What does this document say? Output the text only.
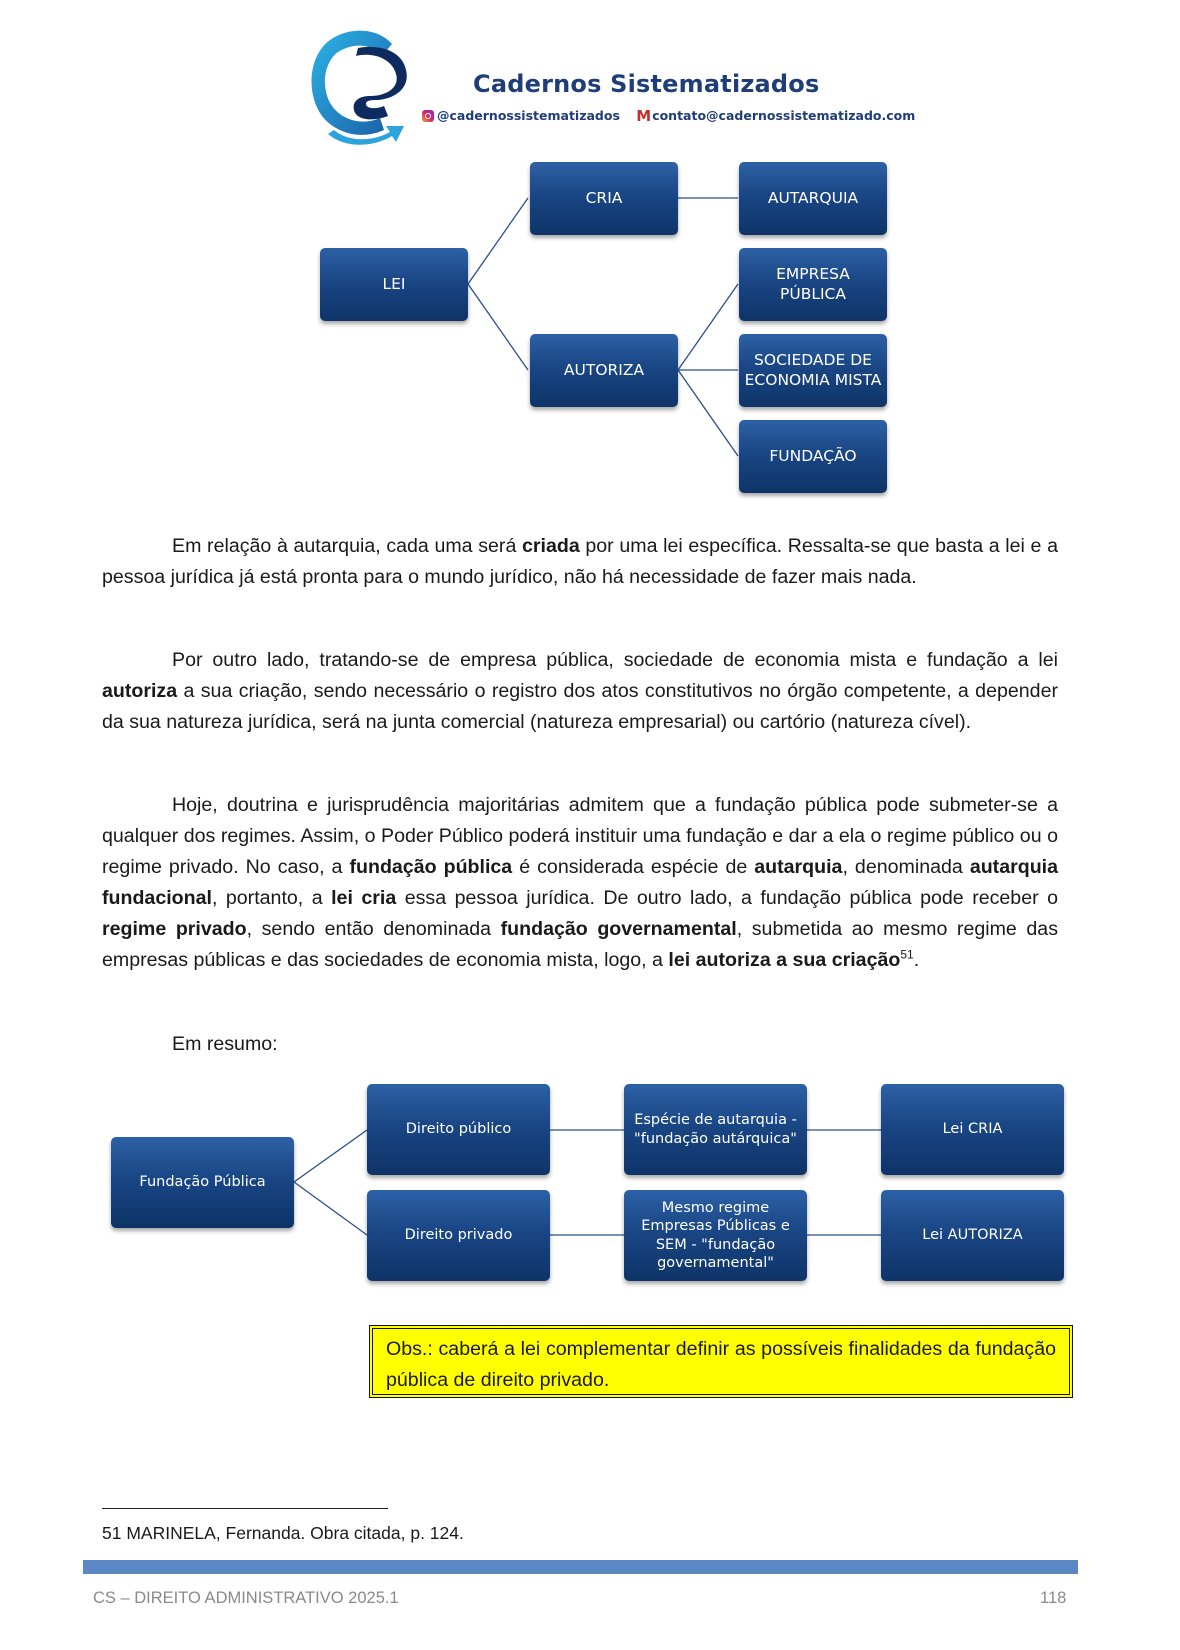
Cadernos Sistematizados
@cadernossistematizados Mcontato@cadernossistematizado.com
LEI
CRIA	AUTARQUIA
AUTORIZA
EMPRESA PÚBLICA
SOCIEDADE DE ECONOMIA MISTA
FUNDAÇÃO

Em relação à autarquia, cada uma será criada por uma lei específica. Ressalta-se que basta a lei e a pessoa jurídica já está pronta para o mundo jurídico, não há necessidade de fazer mais nada.

Por outro lado, tratando-se de empresa pública, sociedade de economia mista e fundação a lei autoriza a sua criação, sendo necessário o registro dos atos constitutivos no órgão competente, a depender da sua natureza jurídica, será na junta comercial (natureza empresarial) ou cartório (natureza cível).

Hoje, doutrina e jurisprudência majoritárias admitem que a fundação pública pode submeter-se a qualquer dos regimes. Assim, o Poder Público poderá instituir uma fundação e dar a ela o regime público ou o regime privado. No caso, a fundação pública é considerada espécie de autarquia, denominada autarquia fundacional, portanto, a lei cria essa pessoa jurídica. De outro lado, a fundação pública pode receber o regime privado, sendo então denominada fundação governamental, submetida ao mesmo regime das empresas públicas e das sociedades de economia mista, logo, a lei autoriza a sua criação$^{51}$.

Em resumo:

Fundação Pública
Direito público
Espécie de autarquia - "fundação autárquica"
Lei CRIA
Direito privado
Mesmo regime Empresas Públicas e SEM - "fundação governamental"
Lei AUTORIZA
Obs.: caberá a lei complementar definir as possíveis finalidades da fundação pública de direito privado.
51 MARINELA, Fernanda. Obra citada, p. 124.
CS – DIREITO ADMINISTRATIVO 2025.1	118
